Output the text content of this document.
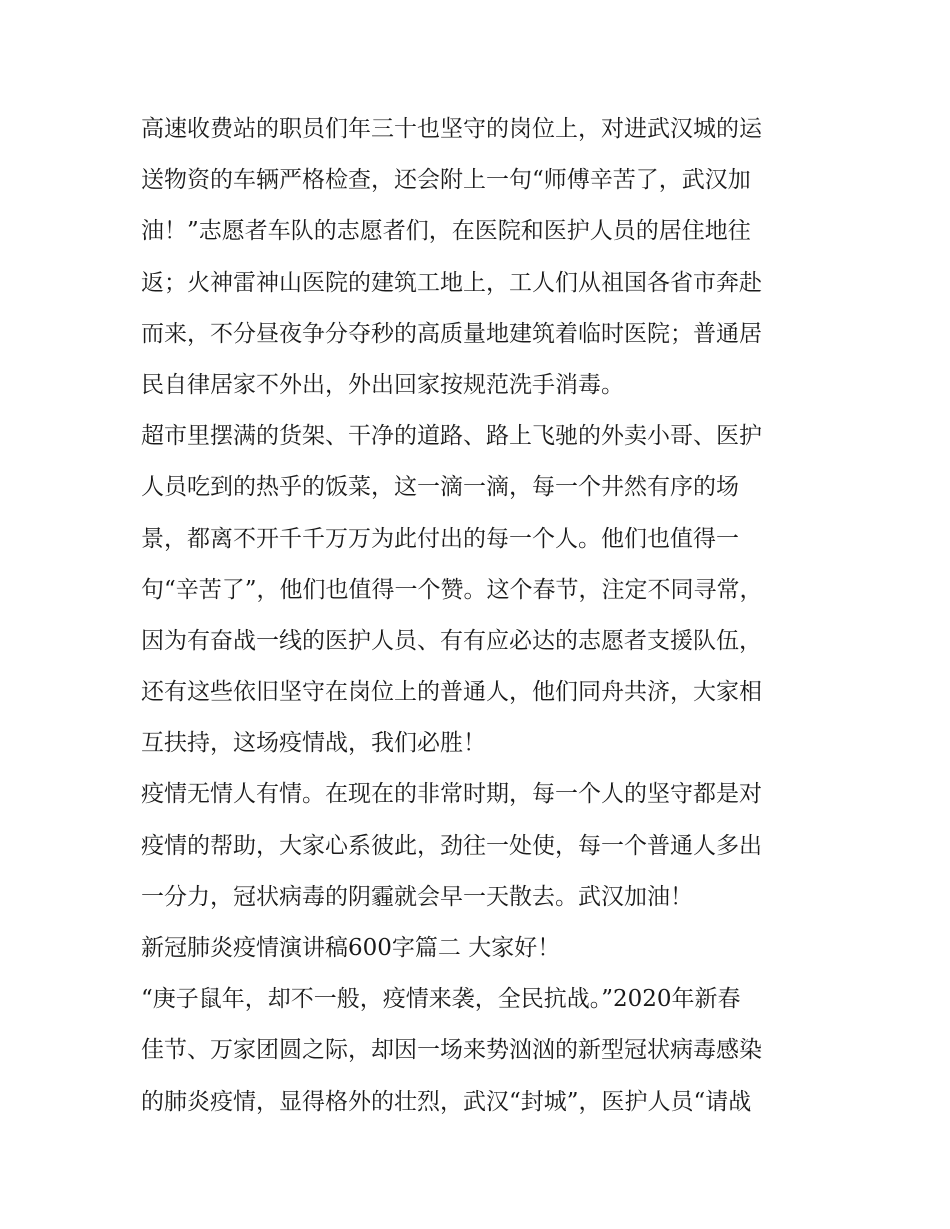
高速收费站的职员们年三十也坚守的岗位上，对进武汉城的运
送物资的车辆严格检查，还会附上一句“师傅辛苦了，武汉加
油！”志愿者车队的志愿者们，在医院和医护人员的居住地往
返；火神雷神山医院的建筑工地上，工人们从祖国各省市奔赴
而来，不分昼夜争分夺秒的高质量地建筑着临时医院；普通居
民自律居家不外出，外出回家按规范洗手消毒。
超市里摆满的货架、干净的道路、路上飞驰的外卖小哥、医护
人员吃到的热乎的饭菜，这一滴一滴，每一个井然有序的场
景，都离不开千千万万为此付出的每一个人。他们也值得一
句“辛苦了”，他们也值得一个赞。这个春节，注定不同寻常，
因为有奋战一线的医护人员、有有应必达的志愿者支援队伍，
还有这些依旧坚守在岗位上的普通人，他们同舟共济，大家相
互扶持，这场疫情战，我们必胜！
疫情无情人有情。在现在的非常时期，每一个人的坚守都是对
疫情的帮助，大家心系彼此，劲往一处使，每一个普通人多出
一分力，冠状病毒的阴霾就会早一天散去。武汉加油！
新冠肺炎疫情演讲稿600字篇二 大家好！
“庚子鼠年，却不一般，疫情来袭，全民抗战。”2020年新春
佳节、万家团圆之际，却因一场来势汹汹的新型冠状病毒感染
的肺炎疫情，显得格外的壮烈，武汉“封城”，医护人员“请战
